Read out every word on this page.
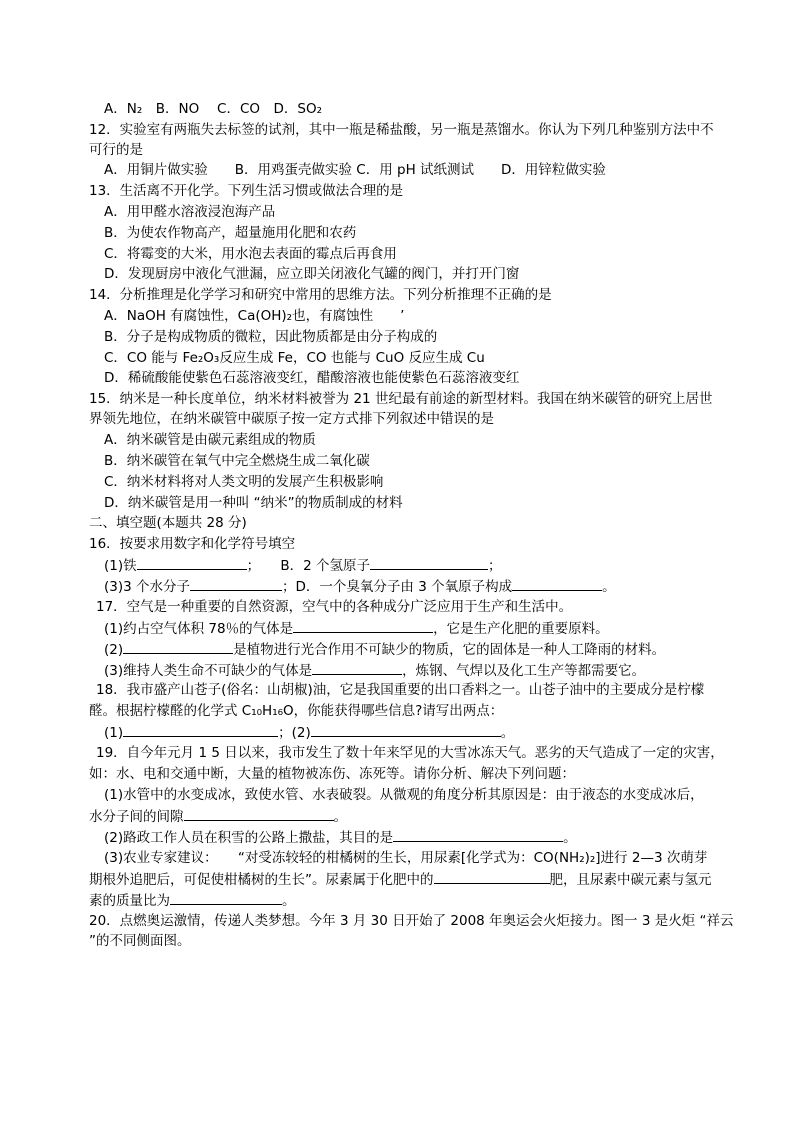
A．N₂　B．NO　 C．CO　D．SO₂
12．实验室有两瓶失去标签的试剂，其中一瓶是稀盐酸，另一瓶是蒸馏水。你认为下列几种鉴别方法中不
可行的是
A．用铜片做实验　　B．用鸡蛋壳做实验 C．用 pH 试纸测试　　D．用锌粒做实验
13．生活离不开化学。下列生活习惯或做法合理的是
A．用甲醛水溶液浸泡海产品
B．为使农作物高产，超量施用化肥和农药
C．将霉变的大米，用水泡去表面的霉点后再食用
D．发现厨房中液化气泄漏，应立即关闭液化气罐的阀门，并打开门窗
14．分析推理是化学学习和研究中常用的思维方法。下列分析推理不正确的是
A．NaOH 有腐蚀性，Ca(OH)₂也，有腐蚀性　　’
B．分子是构成物质的微粒，因此物质都是由分子构成的
C．CO 能与 Fe₂O₃反应生成 Fe，CO 也能与 CuO 反应生成 Cu
D．稀硫酸能使紫色石蕊溶液变红，醋酸溶液也能使紫色石蕊溶液变红
15．纳米是一种长度单位，纳米材料被誉为 21 世纪最有前途的新型材料。我国在纳米碳管的研究上居世
界领先地位，在纳米碳管中碳原子按一定方式排下列叙述中错误的是
A．纳米碳管是由碳元素组成的物质
B．纳米碳管在氧气中完全燃烧生成二氧化碳
C．纳米材料将对人类文明的发展产生积极影响
D．纳米碳管是用一种叫 “纳米”的物质制成的材料
二、填空题(本题共 28 分)
16．按要求用数字和化学符号填空
(1)铁	；　　B．2 个氢原子	；
(3)3 个水分子	；D．一个臭氧分子由 3 个氧原子构成	。
17．空气是一种重要的自然资源，空气中的各种成分广泛应用于生产和生活中。
(1)约占空气体积 78％的气体是	，它是生产化肥的重要原料。
(2)	是植物进行光合作用不可缺少的物质，它的固体是一种人工降雨的材料。
(3)维持人类生命不可缺少的气体是	，炼钢、气焊以及化工生产等都需要它。
18．我市盛产山苍子(俗名：山胡椒)油，它是我国重要的出口香料之一。山苍子油中的主要成分是柠檬
醛。根据柠檬醛的化学式 C₁₀H₁₆O，你能获得哪些信息?请写出两点：
(1)	；(2)	。
19．自今年元月 1 5 日以来，我市发生了数十年来罕见的大雪冰冻天气。恶劣的天气造成了一定的灾害，
如：水、电和交通中断，大量的植物被冻伤、冻死等。请你分析、解决下列问题：
(1)水管中的水变成冰，致使水管、水表破裂。从微观的角度分析其原因是：由于液态的水变成冰后，
水分子间的间隙	。
(2)路政工作人员在积雪的公路上撒盐，其目的是	。
(3)农业专家建议：　　“对受冻较轻的柑橘树的生长，用尿素[化学式为：CO(NH₂)₂]进行 2—3 次萌芽
期根外追肥后，可促使柑橘树的生长”。尿素属于化肥中的	肥，且尿素中碳元素与氢元
素的质量比为	。
20．点燃奥运激情，传递人类梦想。今年 3 月 30 日开始了 2008 年奥运会火炬接力。图一 3 是火炬 “祥云
”的不同侧面图。
